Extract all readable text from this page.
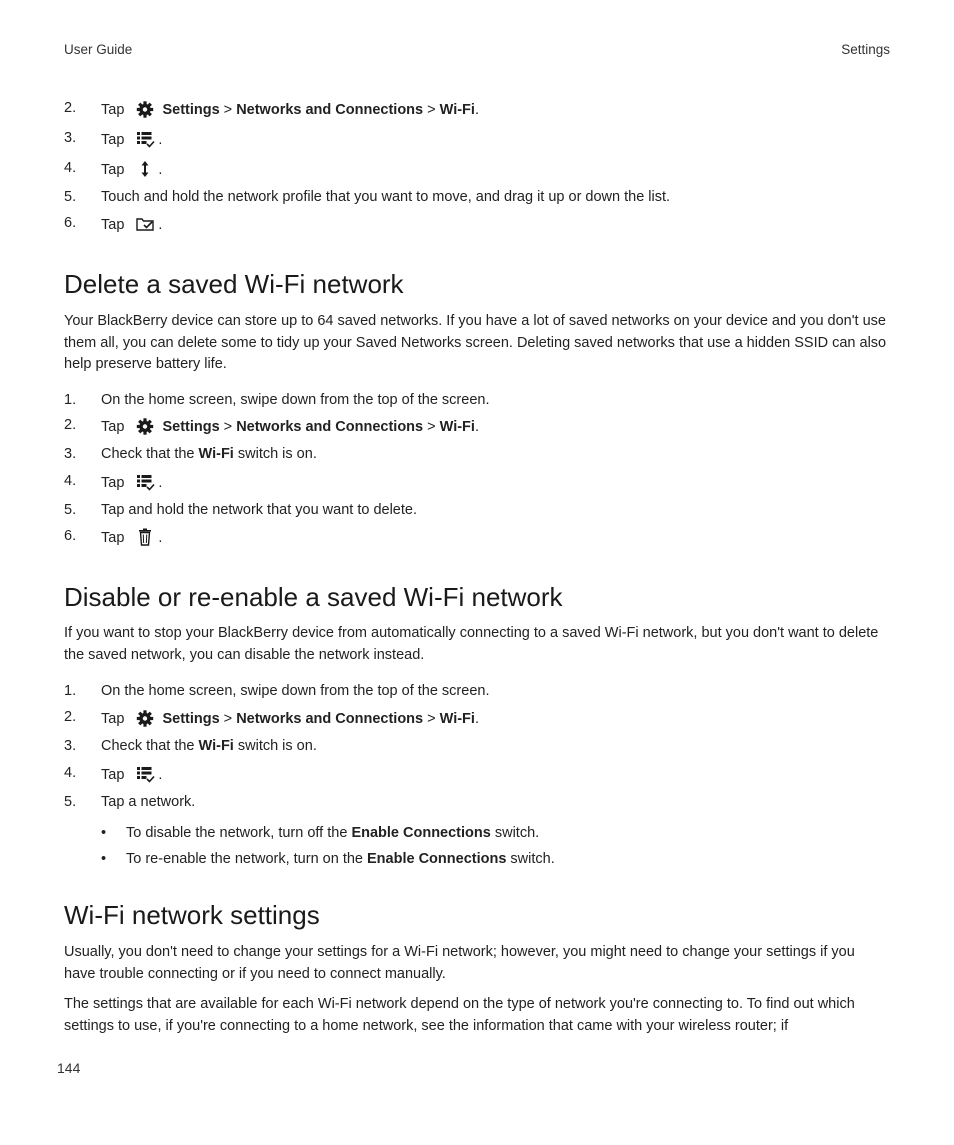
User Guide	Settings
2.	Tap	Settings > Networks and Connections > Wi-Fi.
3.	Tap .
4.	Tap .
5.	Touch and hold the network profile that you want to move, and drag it up or down the list.
6.	Tap .
Delete a saved Wi-Fi network

Your BlackBerry device can store up to 64 saved networks. If you have a lot of saved networks on your device and you don't use them all, you can delete some to tidy up your Saved Networks screen. Deleting saved networks that use a hidden SSID can also help preserve battery life.

1.	On the home screen, swipe down from the top of the screen.
2.	Tap	Settings > Networks and Connections > Wi-Fi.
3.	Check that the Wi-Fi switch is on.
4.	Tap .
5.	Tap and hold the network that you want to delete.
6.	Tap .
Disable or re-enable a saved Wi-Fi network

If you want to stop your BlackBerry device from automatically connecting to a saved Wi-Fi network, but you don't want to delete the saved network, you can disable the network instead.

1.	On the home screen, swipe down from the top of the screen.
2.	Tap	Settings > Networks and Connections > Wi-Fi.
3.	Check that the Wi-Fi switch is on.
4.	Tap .
5.	Tap a network.
• To disable the network, turn off the Enable Connections switch.
• To re-enable the network, turn on the Enable Connections switch.
Wi-Fi network settings

Usually, you don't need to change your settings for a Wi-Fi network; however, you might need to change your settings if you have trouble connecting or if you need to connect manually.

The settings that are available for each Wi-Fi network depend on the type of network you're connecting to. To find out which settings to use, if you're connecting to a home network, see the information that came with your wireless router; if

144
